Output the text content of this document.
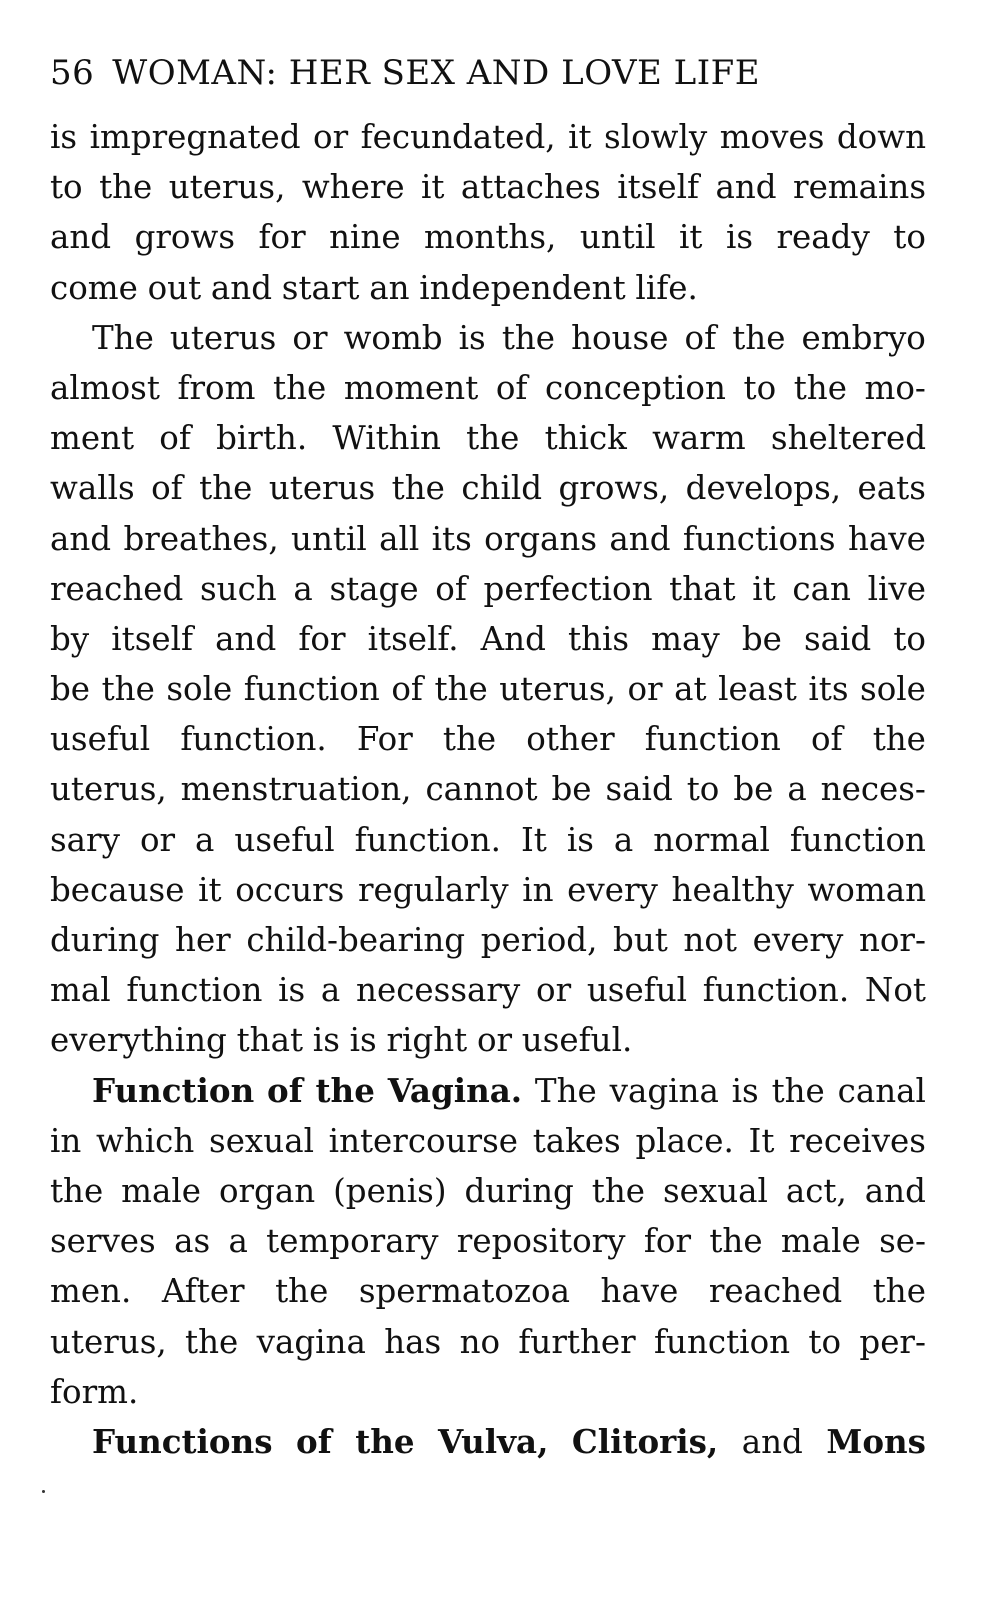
56 WOMAN: HER SEX AND LOVE LIFE
is impregnated or fecundated, it slowly moves down
to the uterus, where it attaches itself and remains
and grows for nine months, until it is ready to
come out and start an independent life.
The uterus or womb is the house of the embryo
almost from the moment of conception to the mo-
ment of birth. Within the thick warm sheltered
walls of the uterus the child grows, develops, eats
and breathes, until all its organs and functions have
reached such a stage of perfection that it can live
by itself and for itself. And this may be said to
be the sole function of the uterus, or at least its sole
useful function. For the other function of the
uterus, menstruation, cannot be said to be a neces-
sary or a useful function. It is a normal function
because it occurs regularly in every healthy woman
during her child-bearing period, but not every nor-
mal function is a necessary or useful function. Not
everything that is is right or useful.
Function of the Vagina. The vagina is the canal
in which sexual intercourse takes place. It receives
the male organ (penis) during the sexual act, and
serves as a temporary repository for the male se-
men. After the spermatozoa have reached the
uterus, the vagina has no further function to per-
form.
Functions of the Vulva, Clitoris, and Mons
